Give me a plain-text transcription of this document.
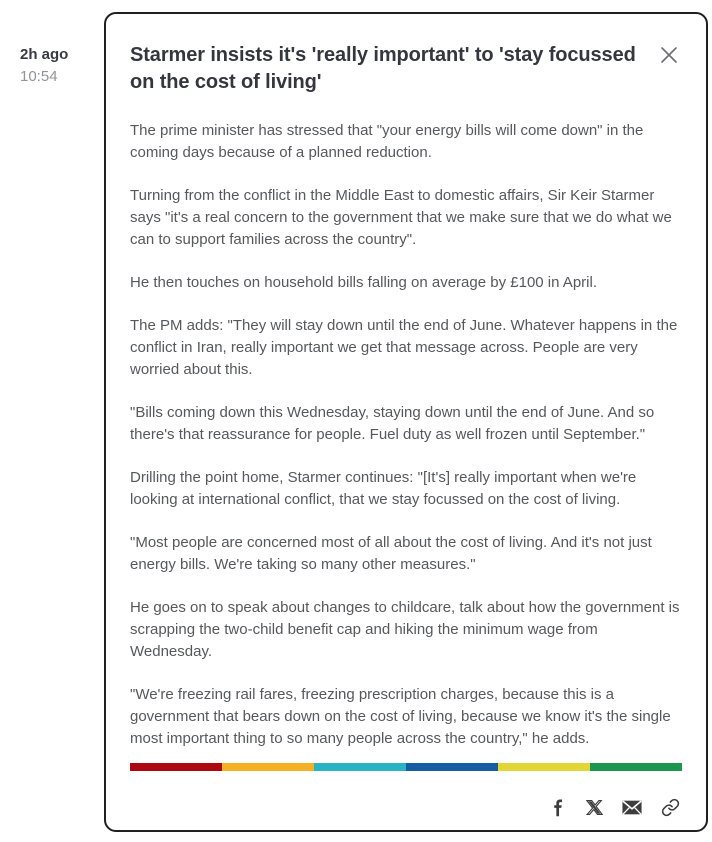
2h ago
10:54
Starmer insists it's 'really important' to 'stay focussed on the cost of living'

The prime minister has stressed that "your energy bills will come down" in the coming days because of a planned reduction.

Turning from the conflict in the Middle East to domestic affairs, Sir Keir Starmer says "it's a real concern to the government that we make sure that we do what we can to support families across the country".

He then touches on household bills falling on average by £100 in April.

The PM adds: "They will stay down until the end of June. Whatever happens in the conflict in Iran, really important we get that message across. People are very worried about this.

"Bills coming down this Wednesday, staying down until the end of June. And so there's that reassurance for people. Fuel duty as well frozen until September."

Drilling the point home, Starmer continues: "[It's] really important when we're looking at international conflict, that we stay focussed on the cost of living.

"Most people are concerned most of all about the cost of living. And it's not just energy bills. We're taking so many other measures."

He goes on to speak about changes to childcare, talk about how the government is scrapping the two-child benefit cap and hiking the minimum wage from Wednesday.

"We're freezing rail fares, freezing prescription charges, because this is a government that bears down on the cost of living, because we know it's the single most important thing to so many people across the country," he adds.
